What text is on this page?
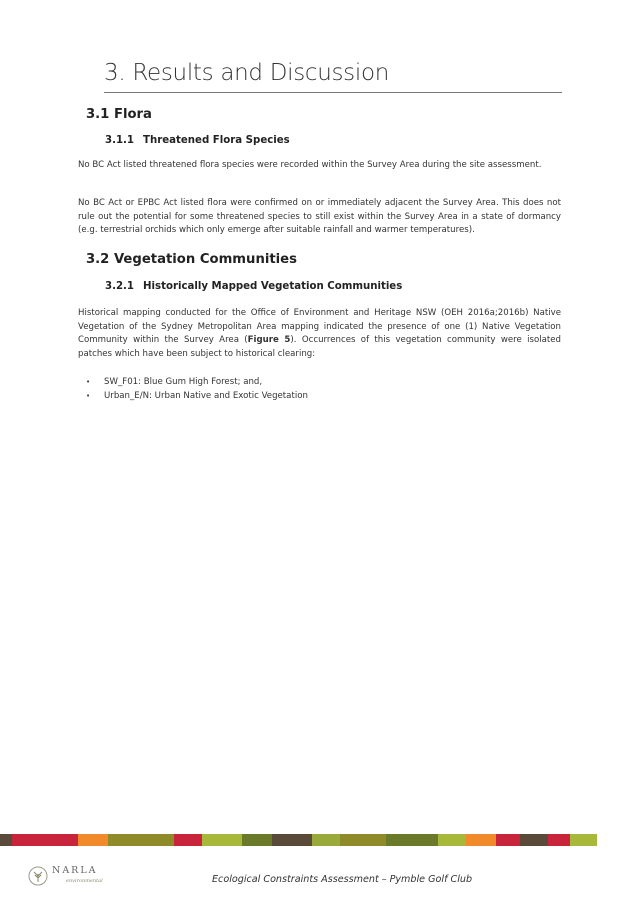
3. Results and Discussion
3.1 Flora
3.1.1 Threatened Flora Species

No BC Act listed threatened flora species were recorded within the Survey Area during the site assessment.

No BC Act or EPBC Act listed flora were confirmed on or immediately adjacent the Survey Area. This does not rule out the potential for some threatened species to still exist within the Survey Area in a state of dormancy (e.g. terrestrial orchids which only emerge after suitable rainfall and warmer temperatures).

3.2 Vegetation Communities
3.2.1 Historically Mapped Vegetation Communities

Historical mapping conducted for the Office of Environment and Heritage NSW (OEH 2016a;2016b) Native Vegetation of the Sydney Metropolitan Area mapping indicated the presence of one (1) Native Vegetation Community within the Survey Area (Figure 5). Occurrences of this vegetation community were isolated patches which have been subject to historical clearing:

• SW_F01: Blue Gum High Forest; and,
• Urban_E/N: Urban Native and Exotic Vegetation
NARLA
environmental	Ecological Constraints Assessment – Pymble Golf Club
